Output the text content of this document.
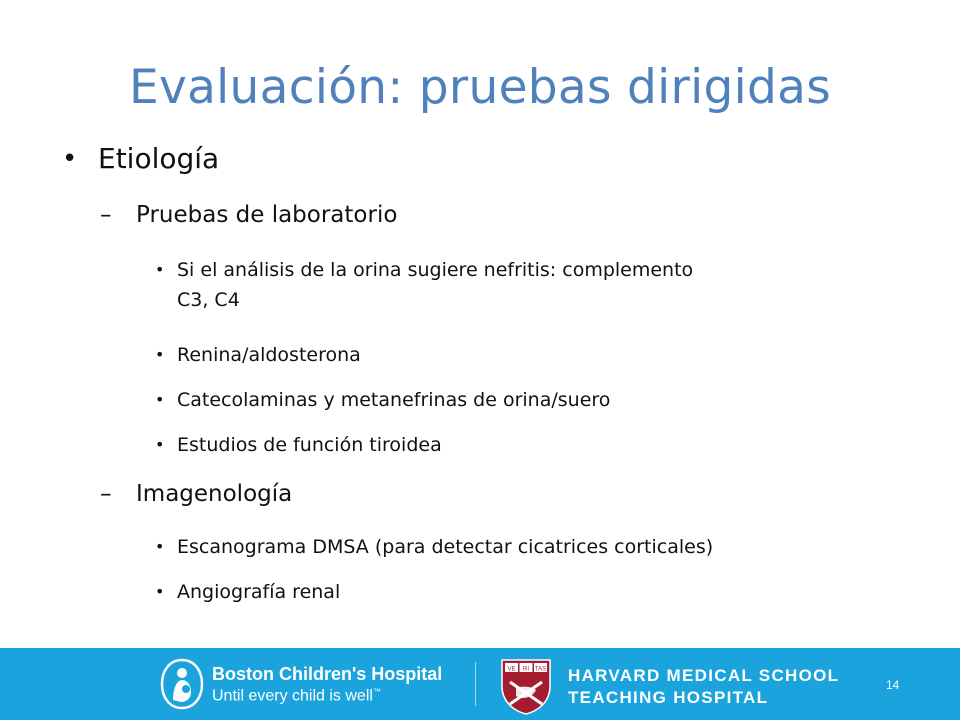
Evaluación: pruebas dirigidas
• Etiología
– Pruebas de laboratorio
• Si el análisis de la orina sugiere nefritis: complemento
C3, C4
• Renina/aldosterona
• Catecolaminas y metanefrinas de orina/suero
• Estudios de función tiroidea
– Imagenología
• Escanograma DMSA (para detectar cicatrices corticales)
• Angiografía renal
Boston Children's Hospital
Until every child is well™
VE RI TAS HARVARD MEDICAL SCHOOL
TEACHING HOSPITAL
14
